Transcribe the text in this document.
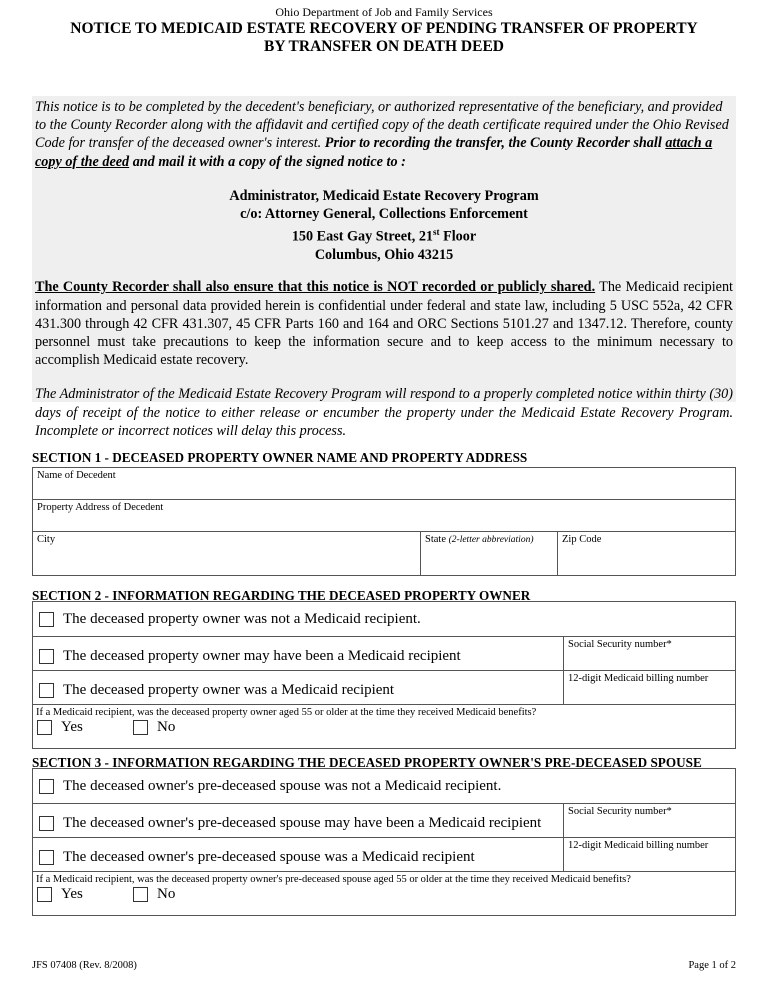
Ohio Department of Job and Family Services
NOTICE TO MEDICAID ESTATE RECOVERY OF PENDING TRANSFER OF PROPERTY
BY TRANSFER ON DEATH DEED

This notice is to be completed by the decedent's beneficiary, or authorized representative of the beneficiary, and provided to the County Recorder along with the affidavit and certified copy of the death certificate required under the Ohio Revised Code for transfer of the deceased owner's interest. Prior to recording the transfer, the County Recorder shall attach a copy of the deed and mail it with a copy of the signed notice to :

Administrator, Medicaid Estate Recovery Program
c/o: Attorney General, Collections Enforcement
150 East Gay Street, 21st Floor
Columbus, Ohio 43215

The County Recorder shall also ensure that this notice is NOT recorded or publicly shared. The Medicaid recipient information and personal data provided herein is confidential under federal and state law, including 5 USC 552a, 42 CFR 431.300 through 42 CFR 431.307, 45 CFR Parts 160 and 164 and ORC Sections 5101.27 and 1347.12. Therefore, county personnel must take precautions to keep the information secure and to keep access to the minimum necessary to accomplish Medicaid estate recovery.

The Administrator of the Medicaid Estate Recovery Program will respond to a properly completed notice within thirty (30) days of receipt of the notice to either release or encumber the property under the Medicaid Estate Recovery Program. Incomplete or incorrect notices will delay this process.

SECTION 1 - DECEASED PROPERTY OWNER NAME AND PROPERTY ADDRESS
Name of Decedent
Property Address of Decedent
City	State (2-letter abbreviation)	Zip Code
SECTION 2 - INFORMATION REGARDING THE DECEASED PROPERTY OWNER
The deceased property owner was not a Medicaid recipient.
The deceased property owner may have been a Medicaid recipient
Social Security number*
The deceased property owner was a Medicaid recipient
12-digit Medicaid billing number
If a Medicaid recipient, was the deceased property owner aged 55 or older at the time they received Medicaid benefits?
Yes	No
SECTION 3 - INFORMATION REGARDING THE DECEASED PROPERTY OWNER'S PRE-DECEASED SPOUSE
The deceased owner's pre-deceased spouse was not a Medicaid recipient.
The deceased owner's pre-deceased spouse may have been a Medicaid recipient
Social Security number*
The deceased owner's pre-deceased spouse was a Medicaid recipient
12-digit Medicaid billing number
If a Medicaid recipient, was the deceased property owner's pre-deceased spouse aged 55 or older at the time they received Medicaid benefits?
Yes	No
JFS 07408 (Rev. 8/2008)	Page 1 of 2
